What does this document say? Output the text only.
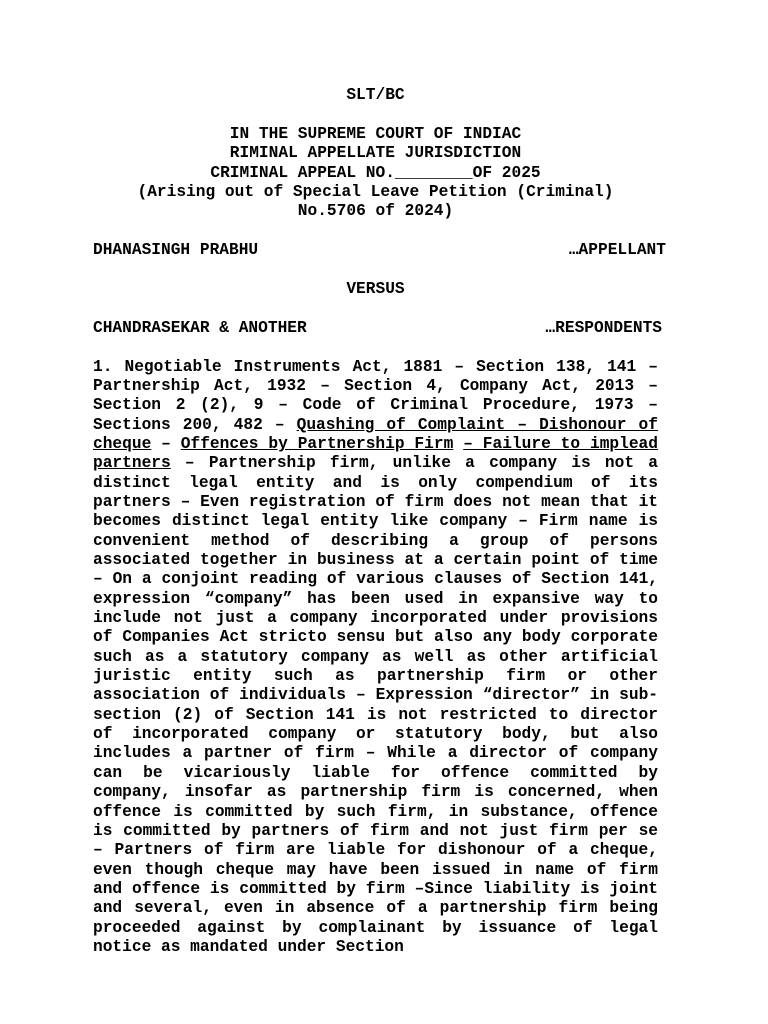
SLT/BC
IN THE SUPREME COURT OF INDIAC
RIMINAL APPELLATE JURISDICTION
CRIMINAL APPEAL NO.________OF 2025
(Arising out of Special Leave Petition (Criminal)
No.5706 of 2024)
DHANASINGH PRABHU	…APPELLANT
VERSUS
CHANDRASEKAR & ANOTHER	…RESPONDENTS

1. Negotiable Instruments Act, 1881 – Section 138, 141 – Partnership Act, 1932 – Section 4, Company Act, 2013 – Section 2 (2), 9 – Code of Criminal Procedure, 1973 – Sections 200, 482 – Quashing of Complaint – Dishonour of cheque – Offences by Partnership Firm – Failure to implead partners – Partnership firm, unlike a company is not a distinct legal entity and is only compendium of its partners – Even registration of firm does not mean that it becomes distinct legal entity like company – Firm name is convenient method of describing a group of persons associated together in business at a certain point of time – On a conjoint reading of various clauses of Section 141, expression “company” has been used in expansive way to include not just a company incorporated under provisions of Companies Act stricto sensu but also any body corporate such as a statutory company as well as other artificial juristic entity such as partnership firm or other association of individuals – Expression “director” in sub-section (2) of Section 141 is not restricted to director of incorporated company or statutory body, but also includes a partner of firm – While a director of company can be vicariously liable for offence committed by company, insofar as partnership firm is concerned, when offence is committed by such firm, in substance, offence is committed by partners of firm and not just firm per se – Partners of firm are liable for dishonour of a cheque, even though cheque may have been issued in name of firm and offence is committed by firm –Since liability is joint and several, even in absence of a partnership firm being proceeded against by complainant by issuance of legal notice as mandated under Section
